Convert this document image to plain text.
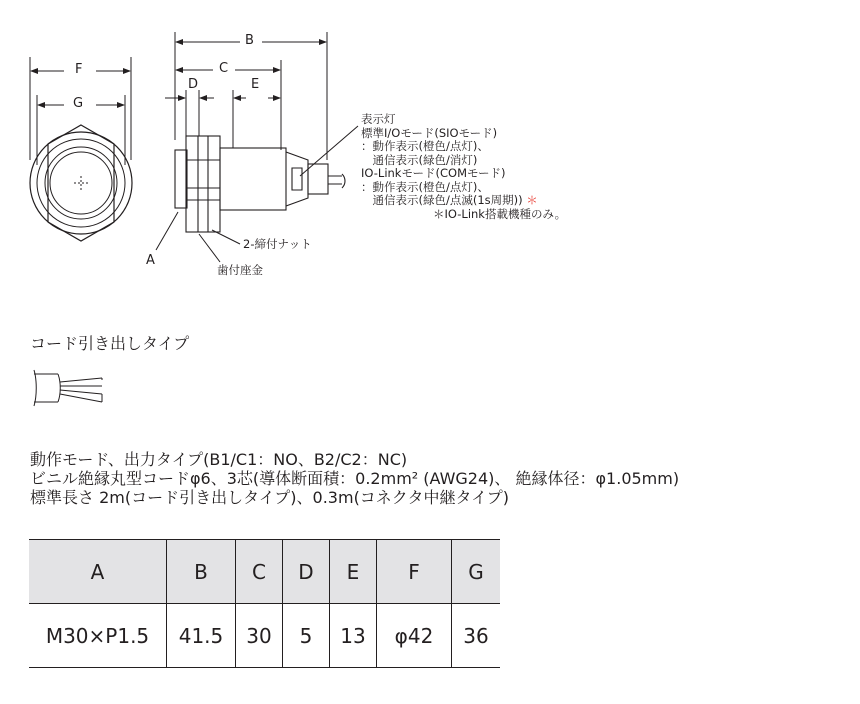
B
C
D	E
F
G
A
2-締付ナット
歯付座金
表示灯
標準I/Oモード(SIOモード)
：動作表示(橙色/点灯)、
　通信表示(緑色/消灯)
IO-Linkモード(COMモード)
：動作表示(橙色/点灯)、
　通信表示(緑色/点滅(1s周期)) ＊
＊IO-Link搭載機種のみ。
コード引き出しタイプ
動作モード、出力タイプ(B1/C1：NO、B2/C2：NC)
ビニル絶縁丸型コードφ6、3芯(導体断面積：0.2mm² (AWG24)、 絶縁体径：φ1.05mm)
標準長さ 2m(コード引き出しタイプ)、0.3m(コネクタ中継タイプ)
A	B	C	D	E	F	G
M30×P1.5	41.5	30	5	13	φ42	36
